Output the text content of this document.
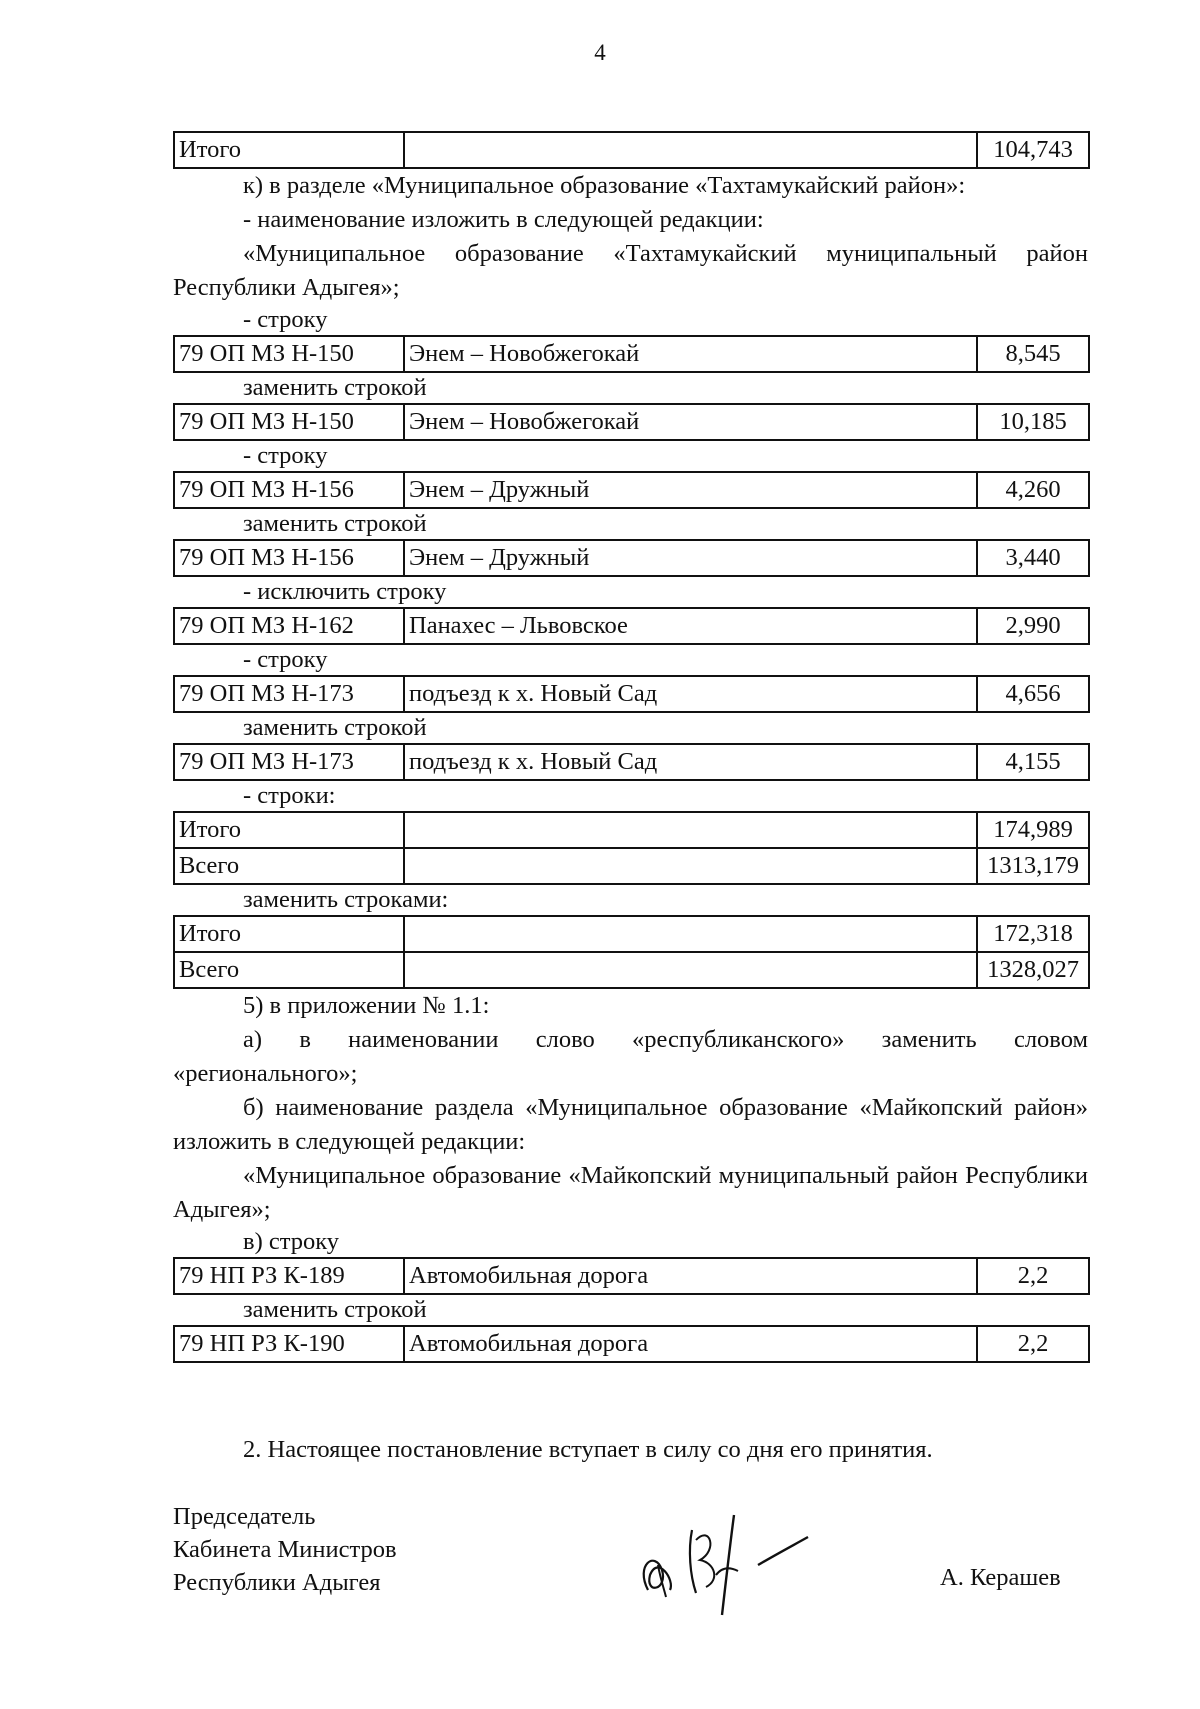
4
Итого		104,743
к) в разделе «Муниципальное образование «Тахтамукайский район»:
- наименование изложить в следующей редакции:
«Муниципальное образование «Тахтамукайский муниципальный район Республики Адыгея»;
- строку
79 ОП МЗ Н-150	Энем – Новобжегокай	8,545
заменить строкой
79 ОП МЗ Н-150	Энем – Новобжегокай	10,185
- строку
79 ОП МЗ Н-156	Энем – Дружный	4,260
заменить строкой
79 ОП МЗ Н-156	Энем – Дружный	3,440
- исключить строку
79 ОП МЗ Н-162	Панахес – Львовское	2,990
- строку
79 ОП МЗ Н-173	подъезд к х. Новый Сад	4,656
заменить строкой
79 ОП МЗ Н-173	подъезд к х. Новый Сад	4,155
- строки:
Итого		174,989
Всего		1313,179
заменить строками:
Итого		172,318
Всего		1328,027
5) в приложении № 1.1:
а) в наименовании слово «республиканского» заменить словом «регионального»;
б) наименование раздела «Муниципальное образование «Майкопский район» изложить в следующей редакции:
«Муниципальное образование «Майкопский муниципальный район Республики Адыгея»;
в) строку
79 НП РЗ К-189	Автомобильная дорога	2,2
заменить строкой
79 НП РЗ К-190	Автомобильная дорога	2,2
2. Настоящее постановление вступает в силу со дня его принятия.
Председатель
Кабинета Министров
Республики Адыгея	А. Керашев
